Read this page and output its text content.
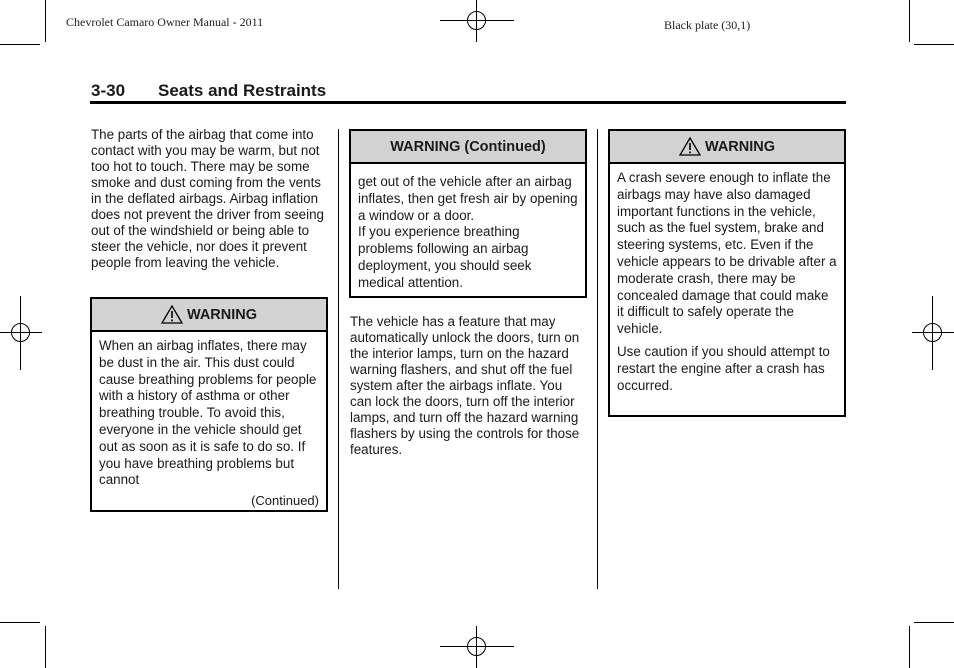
Chevrolet Camaro Owner Manual - 2011	Black plate (30,1)
3-30 Seats and Restraints

The parts of the airbag that come into contact with you may be warm, but not too hot to touch. There may be some smoke and dust coming from the vents in the deflated airbags. Airbag inflation does not prevent the driver from seeing out of the windshield or being able to steer the vehicle, nor does it prevent people from leaving the vehicle.

WARNING

When an airbag inflates, there may be dust in the air. This dust could cause breathing problems for people with a history of asthma or other breathing trouble. To avoid this, everyone in the vehicle should get out as soon as it is safe to do so. If you have breathing problems but cannot

(Continued)
WARNING (Continued)

get out of the vehicle after an airbag inflates, then get fresh air by opening a window or a door.

If you experience breathing problems following an airbag deployment, you should seek medical attention.

The vehicle has a feature that may automatically unlock the doors, turn on the interior lamps, turn on the hazard warning flashers, and shut off the fuel system after the airbags inflate. You can lock the doors, turn off the interior lamps, and turn off the hazard warning flashers by using the controls for those features.

WARNING

A crash severe enough to inflate the airbags may have also damaged important functions in the vehicle, such as the fuel system, brake and steering systems, etc. Even if the vehicle appears to be drivable after a moderate crash, there may be concealed damage that could make it difficult to safely operate the vehicle.

Use caution if you should attempt to restart the engine after a crash has occurred.
